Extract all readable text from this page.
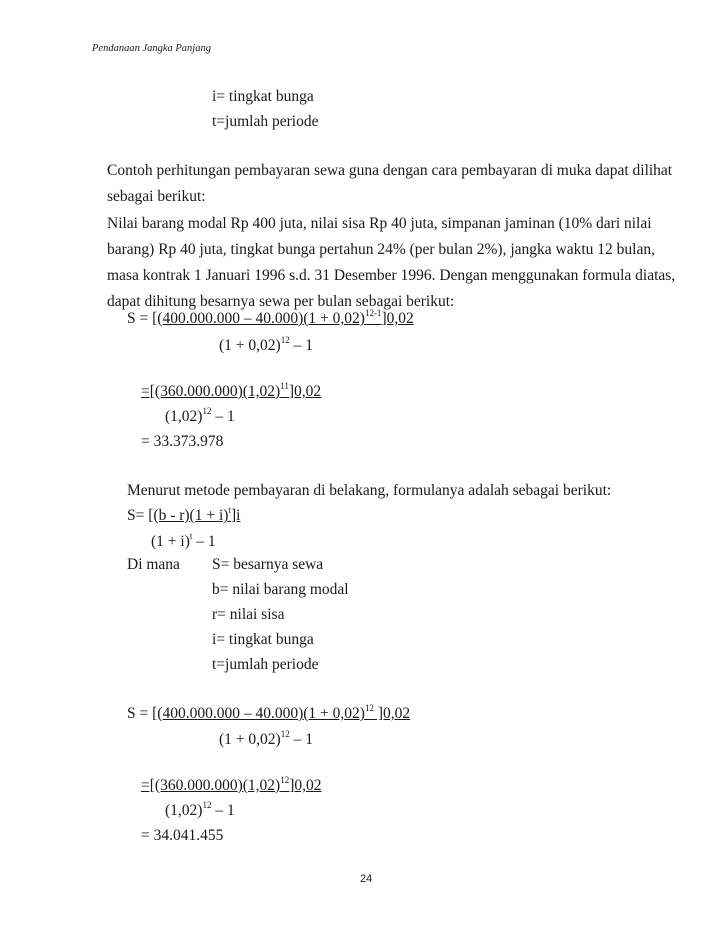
Pendanaan Jangka Panjang
i= tingkat bunga
t=jumlah periode
Contoh perhitungan pembayaran sewa guna dengan cara pembayaran di muka dapat dilihat
sebagai berikut:
Nilai barang modal Rp 400 juta, nilai sisa Rp 40 juta, simpanan jaminan (10% dari nilai
barang) Rp 40 juta, tingkat bunga pertahun 24% (per bulan 2%), jangka waktu 12 bulan,
masa kontrak 1 Januari 1996 s.d. 31 Desember 1996. Dengan menggunakan formula diatas,
dapat dihitung besarnya sewa per bulan sebagai berikut:
$S = [(400.000.000 - 40.000)(1 + 0,02)^{12-1}]0,02$
$(1 + 0,02)^{12} - 1$
$=[(360.000.000)(1,02)^{11}]0,02$
$(1,02)^{12} - 1$
= 33.373.978
Menurut metode pembayaran di belakang, formulanya adalah sebagai berikut:
$S= [(b - r)(1 + i)^t]i$
$(1 + i)^t - 1$
Di mana S= besarnya sewa
b= nilai barang modal
r= nilai sisa
i= tingkat bunga
t=jumlah periode
$S = [(400.000.000 - 40.000)(1 + 0,02)^{12}$ ]0,02
$(1 + 0,02)^{12} - 1$
$=[(360.000.000)(1,02)^{12}]0,02$
$(1,02)^{12} - 1$
= 34.041.455
24
